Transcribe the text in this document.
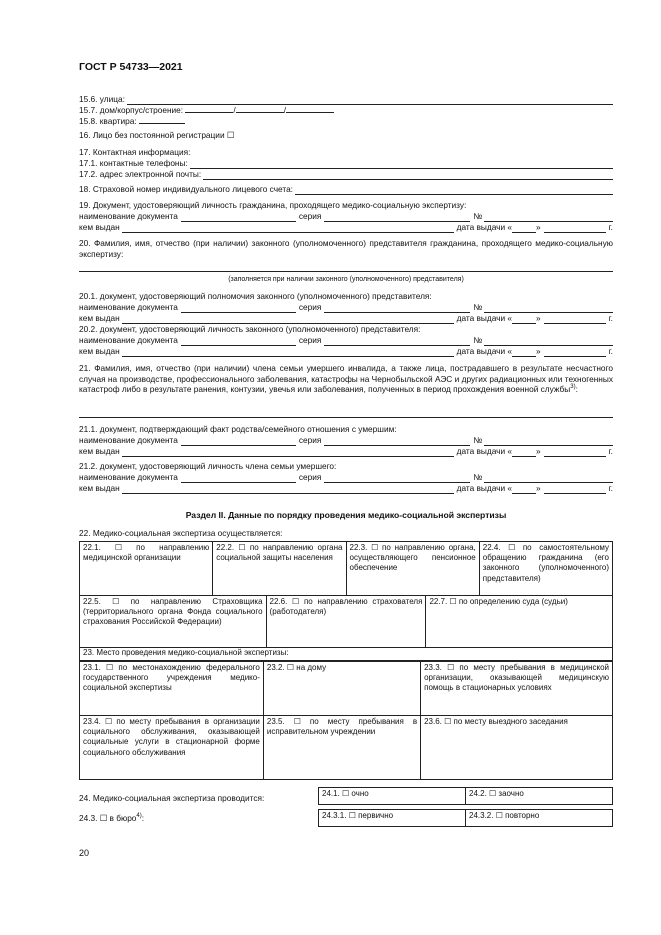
ГОСТ Р 54733—2021
15.6. улица:
15.7. дом/корпус/строение:	/	/
15.8. квартира:
16. Лицо без постоянной регистрации ☐
17. Контактная информация:
17.1. контактные телефоны:
17.2. адрес электронной почты:
18. Страховой номер индивидуального лицевого счета:
19. Документ, удостоверяющий личность гражданина, проходящего медико-социальную экспертизу:
наименование документа	серия	№
кем выдан	дата выдачи «	»	г.
20. Фамилия, имя, отчество (при наличии) законного (уполномоченного) представителя гражданина, проходящего медико-социальную экспертизу:
(заполняется при наличии законного (уполномоченного) представителя)
20.1. документ, удостоверяющий полномочия законного (уполномоченного) представителя:
наименование документа	серия	№
кем выдан	дата выдачи «	»	г.
20.2. документ, удостоверяющий личность законного (уполномоченного) представителя:
наименование документа	серия	№
кем выдан	дата выдачи «	»	г.
21. Фамилия, имя, отчество (при наличии) члена семьи умершего инвалида, а также лица, пострадавшего в результате несчастного случая на производстве, профессионального заболевания, катастрофы на Чернобыльской АЭС и других радиационных или техногенных катастроф либо в результате ранения, контузии, увечья или заболевания, полученных в период прохождения военной службы$^{3)}$:
21.1. документ, подтверждающий факт родства/семейного отношения с умершим:
наименование документа	серия	№
кем выдан	дата выдачи «	»	г.
21.2. документ, удостоверяющий личность члена семьи умершего:
наименование документа	серия	№
кем выдан	дата выдачи «	»	г.
Раздел II. Данные по порядку проведения медико-социальной экспертизы
22. Медико-социальная экспертиза осуществляется:
22.1. ☐ по направлению медицинской организации	22.2. ☐ по направлению органа социальной защиты населения	22.3. ☐ по направлению органа, осуществляющего пенсионное обеспечение	22.4. ☐ по самостоятельному обращению гражданина (его законного (уполномоченного) представителя)
22.5. ☐ по направлению Страховщика (территориального органа Фонда социального страхования Российской Федерации)	22.6. ☐ по направлению страхователя (работодателя)	22.7. ☐ по определению суда (судьи)
23. Место проведения медико-социальной экспертизы:
23.1. ☐ по местонахождению федерального государственного учреждения медико-социальной экспертизы	23.2. ☐ на дому	23.3. ☐ по месту пребывания в медицинской организации, оказывающей медицинскую помощь в стационарных условиях
23.4. ☐ по месту пребывания в организации социального обслуживания, оказывающей социальные услуги в стационарной форме социального обслуживания	23.5. ☐ по месту пребывания в исправительном учреждении	23.6. ☐ по месту выездного заседания
24. Медико-социальная экспертиза проводится:	24.1. ☐ очно	24.2. ☐ заочно
24.3. ☐ в бюро$^{4)}$:	24.3.1. ☐ первично	24.3.2. ☐ повторно
20
